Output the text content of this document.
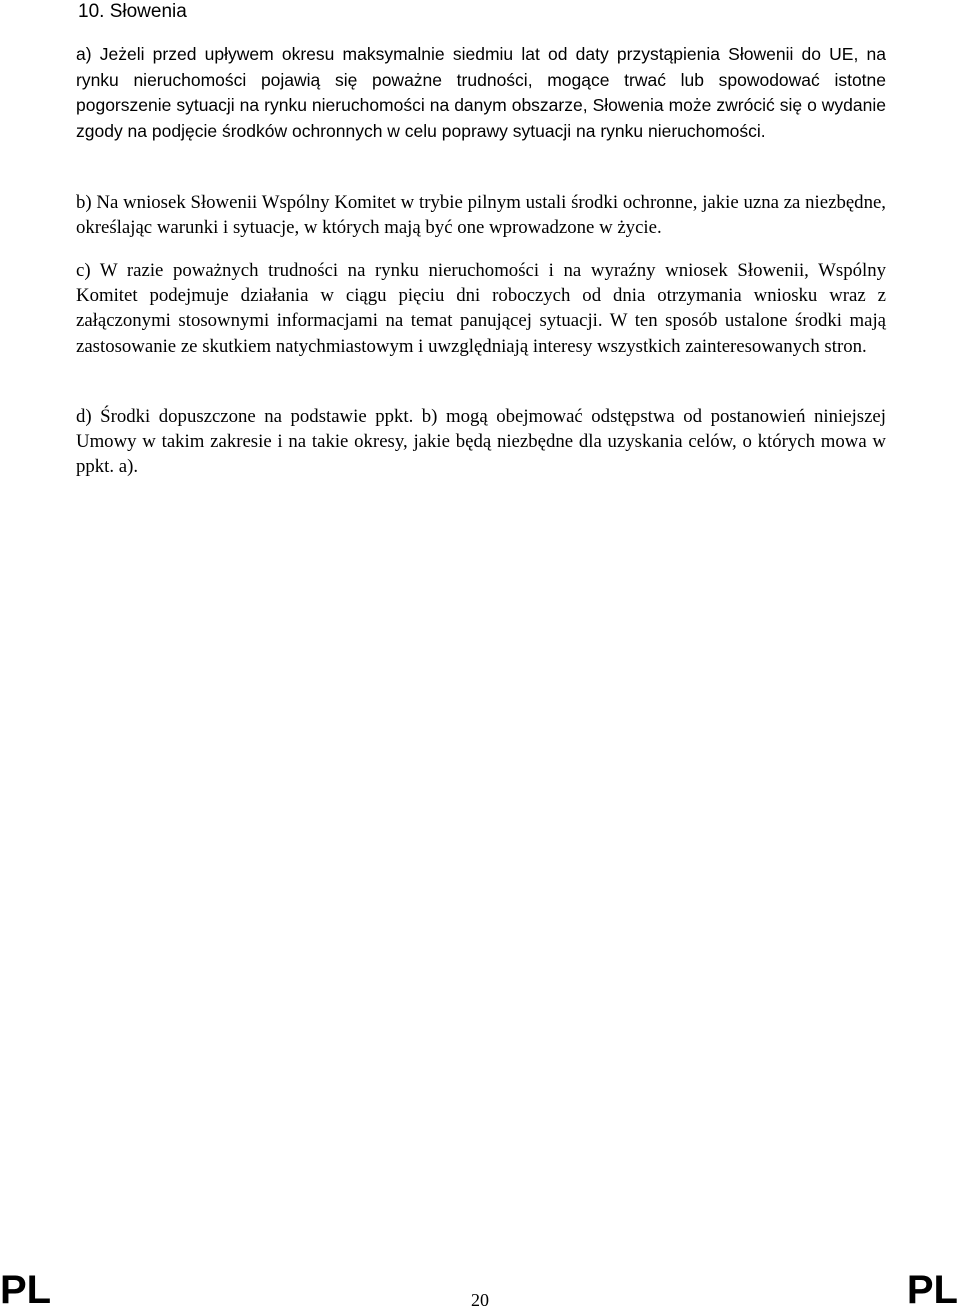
10. Słowenia

a) Jeżeli przed upływem okresu maksymalnie siedmiu lat od daty przystąpienia Słowenii do UE, na rynku nieruchomości pojawią się poważne trudności, mogące trwać lub spowodować istotne pogorszenie sytuacji na rynku nieruchomości na danym obszarze, Słowenia może zwrócić się o wydanie zgody na podjęcie środków ochronnych w celu poprawy sytuacji na rynku nieruchomości.

b) Na wniosek Słowenii Wspólny Komitet w trybie pilnym ustali środki ochronne, jakie uzna za niezbędne, określając warunki i sytuacje, w których mają być one wprowadzone w życie.

c) W razie poważnych trudności na rynku nieruchomości i na wyraźny wniosek Słowenii, Wspólny Komitet podejmuje działania w ciągu pięciu dni roboczych od dnia otrzymania wniosku wraz z załączonymi stosownymi informacjami na temat panującej sytuacji. W ten sposób ustalone środki mają zastosowanie ze skutkiem natychmiastowym i uwzględniają interesy wszystkich zainteresowanych stron.

d) Środki dopuszczone na podstawie ppkt. b) mogą obejmować odstępstwa od postanowień niniejszej Umowy w takim zakresie i na takie okresy, jakie będą niezbędne dla uzyskania celów, o których mowa w ppkt. a).

PL	20	PL
